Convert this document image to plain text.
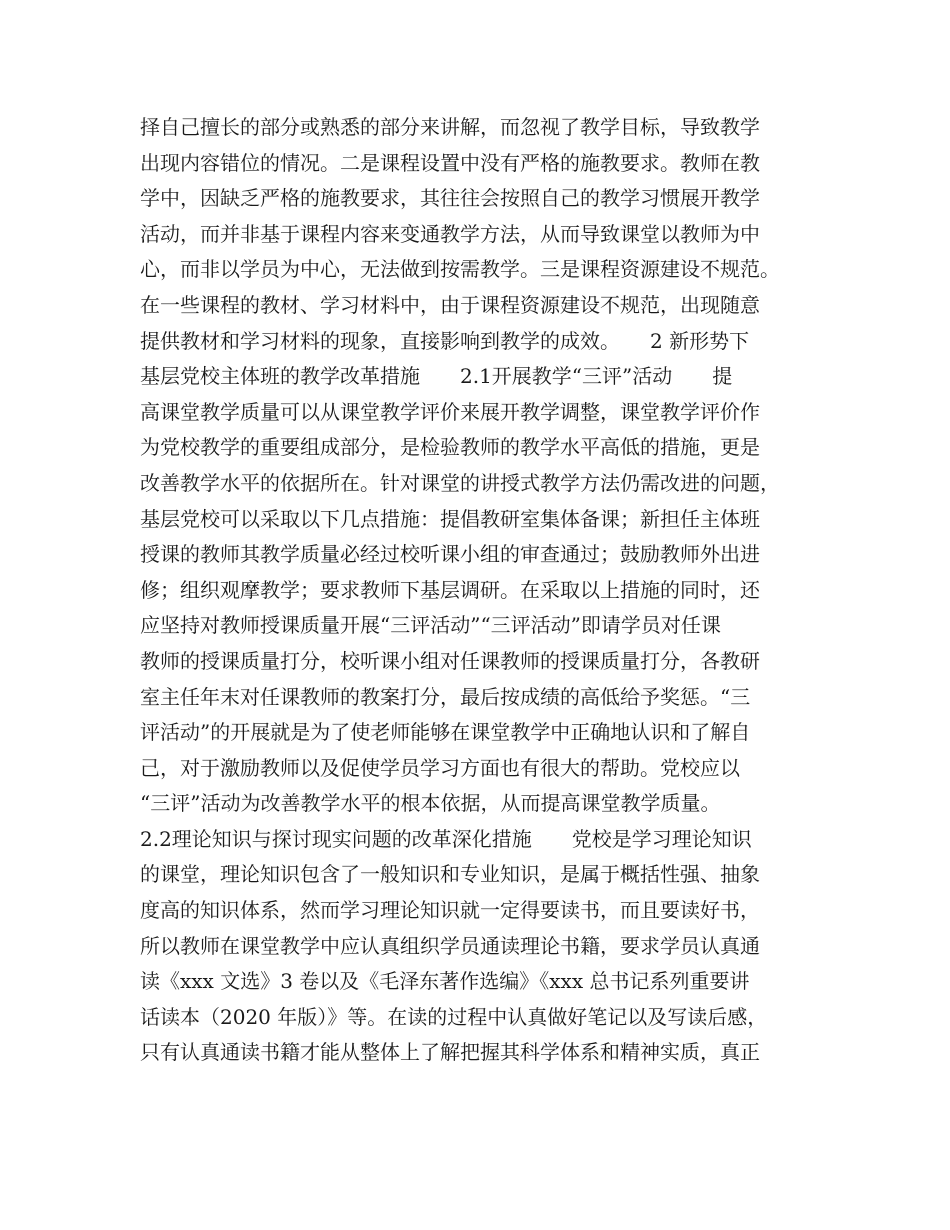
择自己擅长的部分或熟悉的部分来讲解，而忽视了教学目标，导致教学
出现内容错位的情况。二是课程设置中没有严格的施教要求。教师在教
学中，因缺乏严格的施教要求，其往往会按照自己的教学习惯展开教学
活动，而并非基于课程内容来变通教学方法，从而导致课堂以教师为中
心，而非以学员为中心，无法做到按需教学。三是课程资源建设不规范。
在一些课程的教材、学习材料中，由于课程资源建设不规范，出现随意
提供教材和学习材料的现象，直接影响到教学的成效。　　2 新形势下
基层党校主体班的教学改革措施　　2.1开展教学“三评”活动　　提
高课堂教学质量可以从课堂教学评价来展开教学调整，课堂教学评价作
为党校教学的重要组成部分，是检验教师的教学水平高低的措施，更是
改善教学水平的依据所在。针对课堂的讲授式教学方法仍需改进的问题，
基层党校可以采取以下几点措施：提倡教研室集体备课；新担任主体班
授课的教师其教学质量必经过校听课小组的审查通过；鼓励教师外出进
修；组织观摩教学；要求教师下基层调研。在采取以上措施的同时，还
应坚持对教师授课质量开展“三评活动”“三评活动”即请学员对任课
教师的授课质量打分，校听课小组对任课教师的授课质量打分，各教研
室主任年末对任课教师的教案打分，最后按成绩的高低给予奖惩。“三
评活动”的开展就是为了使老师能够在课堂教学中正确地认识和了解自
己，对于激励教师以及促使学员学习方面也有很大的帮助。党校应以
“三评”活动为改善教学水平的根本依据，从而提高课堂教学质量。
2.2理论知识与探讨现实问题的改革深化措施　　党校是学习理论知识
的课堂，理论知识包含了一般知识和专业知识，是属于概括性强、抽象
度高的知识体系，然而学习理论知识就一定得要读书，而且要读好书，
所以教师在课堂教学中应认真组织学员通读理论书籍，要求学员认真通
读《xxx 文选》3 卷以及《毛泽东著作选编》《xxx 总书记系列重要讲
话读本（2020 年版）》等。在读的过程中认真做好笔记以及写读后感，
只有认真通读书籍才能从整体上了解把握其科学体系和精神实质，真正
